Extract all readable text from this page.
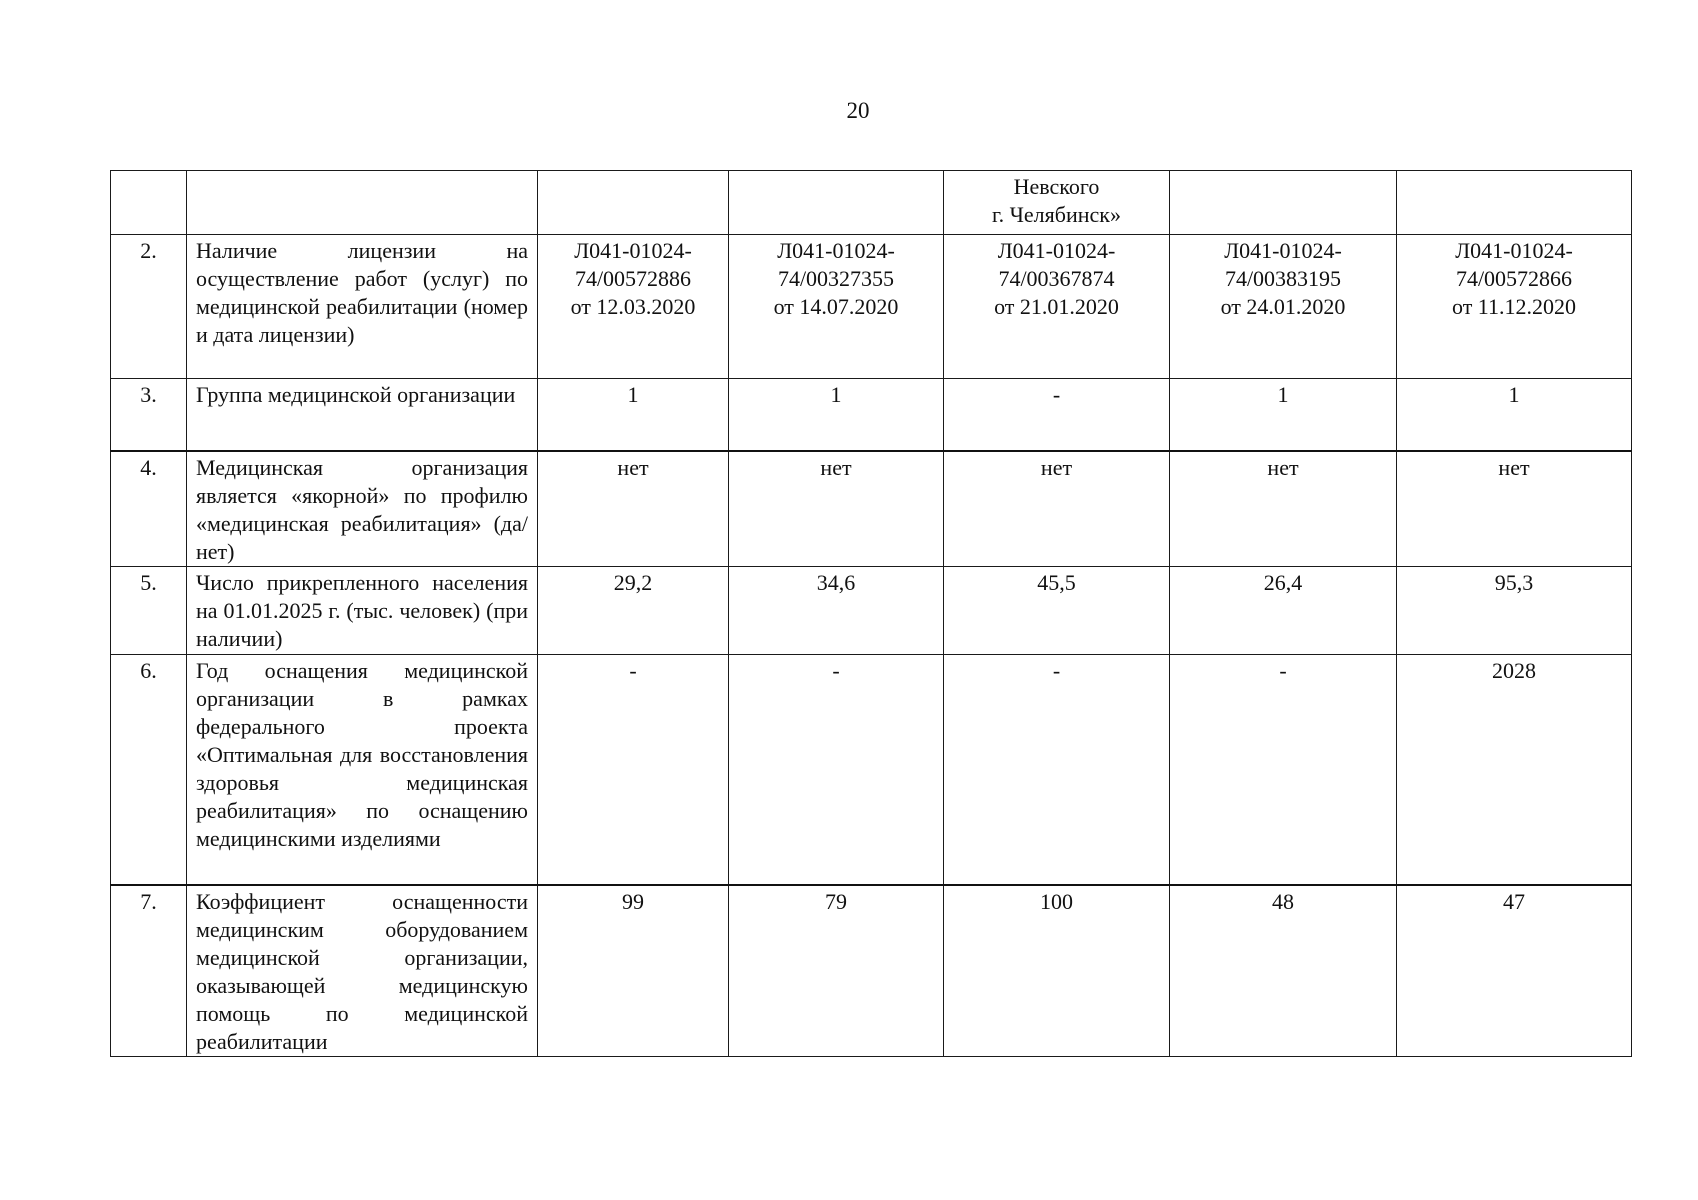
20
				Невского
г. Челябинск»		
2.	Наличие лицензии на осуществление работ (услуг) по медицинской реабилитации (номер и дата лицензии)	Л041-01024-
74/00572886
от 12.03.2020	Л041-01024-
74/00327355
от 14.07.2020	Л041-01024-
74/00367874
от 21.01.2020	Л041-01024-
74/00383195
от 24.01.2020	Л041-01024-
74/00572866
от 11.12.2020
3.	Группа медицинской организации	1	1	-	1	1
4.	Медицинская организация является «якорной» по профилю «медицинская реабилитация» (да/нет)	нет	нет	нет	нет	нет
5.	Число прикрепленного населения на 01.01.2025 г. (тыс. человек) (при наличии)	29,2	34,6	45,5	26,4	95,3
6.	Год оснащения медицинской организации в рамках федерального проекта «Оптимальная для восстановления здоровья медицинская реабилитация» по оснащению медицинскими изделиями	-	-	-	-	2028
7.	Коэффициент оснащенности медицинским оборудованием медицинской организации, оказывающей медицинскую помощь по медицинской реабилитации	99	79	100	48	47
